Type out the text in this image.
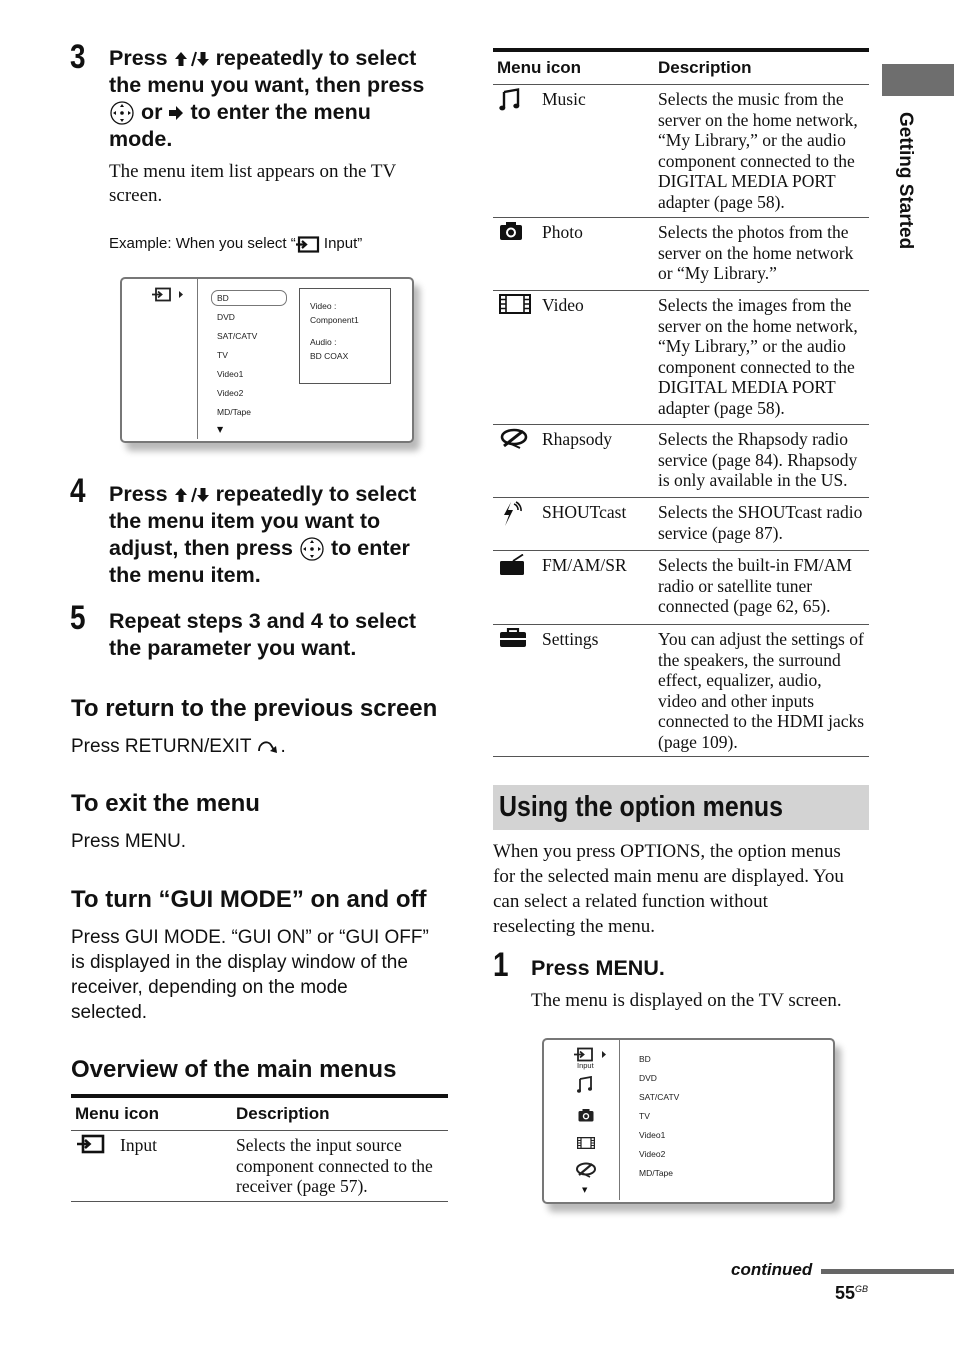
3 Press repeatedly to select
the menu you want, then press
or to enter the menu
mode.
The menu item list appears on the TV screen.
Example: When you select “ Input”
BD
DVD
SAT/CATV
TV
Video1
Video2
MD/Tape
▼
Video :
Component1
Audio :
BD COAX
4 Press repeatedly to select
the menu item you want to
adjust, then press to enter
the menu item.
5 Repeat steps 3 and 4 to select
the parameter you want.
To return to the previous screen
Press RETURN/EXIT .
To exit the menu
Press MENU.
To turn “GUI MODE” on and off
Press GUI MODE. “GUI ON” or “GUI OFF”
is displayed in the display window of the
receiver, depending on the mode
selected.
Overview of the main menus
Menu icon	Description
Input	Selects the input source
component connected to the
receiver (page 57).
Menu icon	Description
Music	Selects the music from the
server on the home network,
“My Library,” or the audio
component connected to the
DIGITAL MEDIA PORT
adapter (page 58).
Photo	Selects the photos from the
server on the home network
or “My Library.”
Video	Selects the images from the
server on the home network,
“My Library,” or the audio
component connected to the
DIGITAL MEDIA PORT
adapter (page 58).
Rhapsody	Selects the Rhapsody radio
service (page 84). Rhapsody
is only available in the US.
SHOUTcast Selects the SHOUTcast radio
service (page 87).
FM/AM/SR Selects the built-in FM/AM
radio or satellite tuner
connected (page 62, 65).
Settings	You can adjust the settings of
the speakers, the surround
effect, equalizer, audio,
video and other inputs
connected to the HDMI jacks
(page 109).
Using the option menus
When you press OPTIONS, the option menus
for the selected main menu are displayed. You
can select a related function without
reselecting the menu.
1 Press MENU.
The menu is displayed on the TV screen.
Input
▼
BD
DVD
SAT/CATV
TV
Video1
Video2
MD/Tape
Getting Started
continued
$55^{GB}$
